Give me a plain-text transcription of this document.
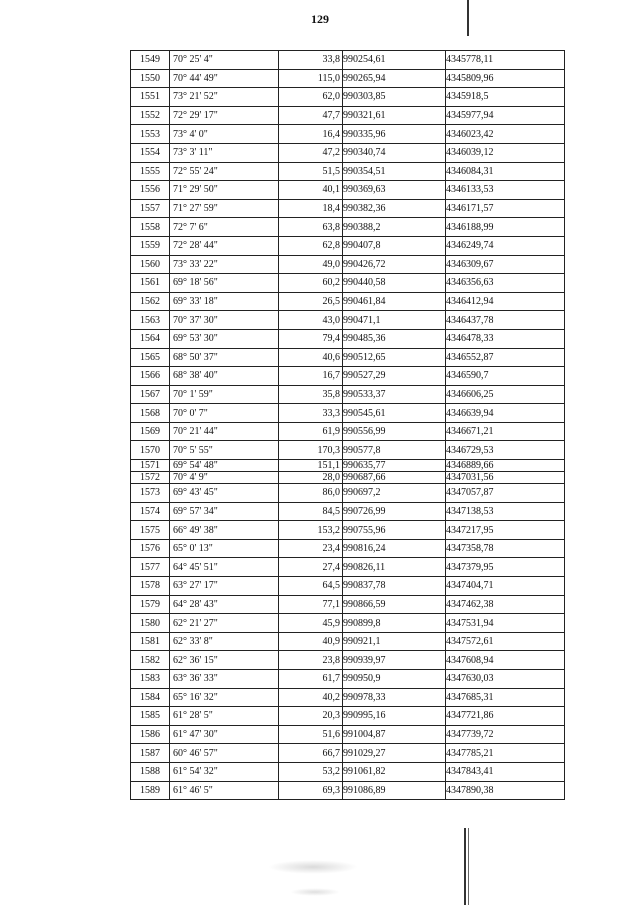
129
1549	70° 25' 4"	33,8	990254,61	4345778,11
1550	70° 44' 49"	115,0	990265,94	4345809,96
1551	73° 21' 52"	62,0	990303,85	4345918,5
1552	72° 29' 17"	47,7	990321,61	4345977,94
1553	73° 4' 0"	16,4	990335,96	4346023,42
1554	73° 3' 11"	47,2	990340,74	4346039,12
1555	72° 55' 24"	51,5	990354,51	4346084,31
1556	71° 29' 50"	40,1	990369,63	4346133,53
1557	71° 27' 59"	18,4	990382,36	4346171,57
1558	72° 7' 6"	63,8	990388,2	4346188,99
1559	72° 28' 44"	62,8	990407,8	4346249,74
1560	73° 33' 22"	49,0	990426,72	4346309,67
1561	69° 18' 56"	60,2	990440,58	4346356,63
1562	69° 33' 18"	26,5	990461,84	4346412,94
1563	70° 37' 30"	43,0	990471,1	4346437,78
1564	69° 53' 30"	79,4	990485,36	4346478,33
1565	68° 50' 37"	40,6	990512,65	4346552,87
1566	68° 38' 40"	16,7	990527,29	4346590,7
1567	70° 1' 59"	35,8	990533,37	4346606,25
1568	70° 0' 7"	33,3	990545,61	4346639,94
1569	70° 21' 44"	61,9	990556,99	4346671,21
1570	70° 5' 55"	170,3	990577,8	4346729,53
1571	69° 54' 48"	151,1	990635,77	4346889,66
1572	70° 4' 9"	28,0	990687,66	4347031,56
1573	69° 43' 45"	86,0	990697,2	4347057,87
1574	69° 57' 34"	84,5	990726,99	4347138,53
1575	66° 49' 38"	153,2	990755,96	4347217,95
1576	65° 0' 13"	23,4	990816,24	4347358,78
1577	64° 45' 51"	27,4	990826,11	4347379,95
1578	63° 27' 17"	64,5	990837,78	4347404,71
1579	64° 28' 43"	77,1	990866,59	4347462,38
1580	62° 21' 27"	45,9	990899,8	4347531,94
1581	62° 33' 8"	40,9	990921,1	4347572,61
1582	62° 36' 15"	23,8	990939,97	4347608,94
1583	63° 36' 33"	61,7	990950,9	4347630,03
1584	65° 16' 32"	40,2	990978,33	4347685,31
1585	61° 28' 5"	20,3	990995,16	4347721,86
1586	61° 47' 30"	51,6	991004,87	4347739,72
1587	60° 46' 57"	66,7	991029,27	4347785,21
1588	61° 54' 32"	53,2	991061,82	4347843,41
1589	61° 46' 5"	69,3	991086,89	4347890,38
